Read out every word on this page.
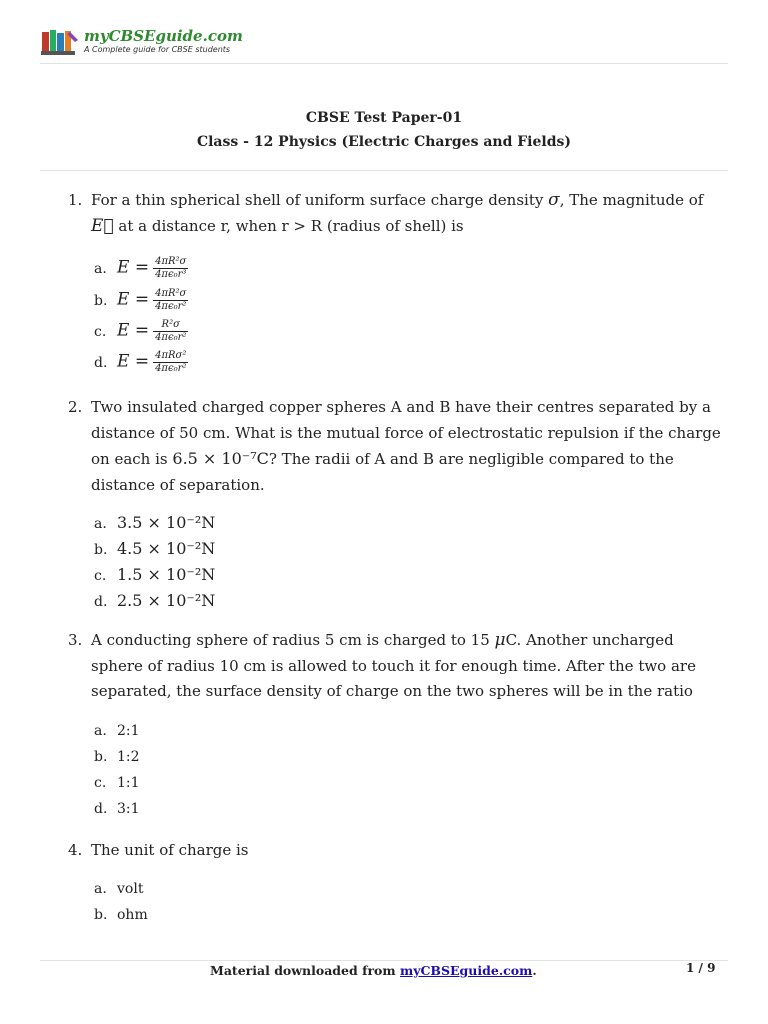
myCBSEguide.com
A Complete guide for CBSE students
CBSE Test Paper-01
Class - 12 Physics (Electric Charges and Fields)
1. For a thin spherical shell of uniform surface charge density σ, The magnitude of E⃗ at a distance r, when r > R (radius of shell) is
a. $E = \frac{\text{4πR²σ}}{\text{4πϵ₀r³}}$
b. $E = \frac{\text{4πR²σ}}{\text{4πϵ₀r²}}$
c. $E = \frac{\text{R²σ}}{\text{4πϵ₀r²}}$
d. $E = \frac{\text{4πRσ²}}{\text{4πϵ₀r²}}$
2. Two insulated charged copper spheres A and B have their centres separated by a distance of 50 cm. What is the mutual force of electrostatic repulsion if the charge on each is 6.5 × 10⁻⁷C? The radii of A and B are negligible compared to the distance of separation.
a. 3.5 × 10⁻²N
b. 4.5 × 10⁻²N
c. 1.5 × 10⁻²N
d. 2.5 × 10⁻²N
3. A conducting sphere of radius 5 cm is charged to 15 μC. Another uncharged sphere of radius 10 cm is allowed to touch it for enough time. After the two are separated, the surface density of charge on the two spheres will be in the ratio
a. 2:1
b. 1:2
c. 1:1
d. 3:1
4. The unit of charge is
a. volt
b. ohm
Material downloaded from myCBSEguide.com.	1 / 9
